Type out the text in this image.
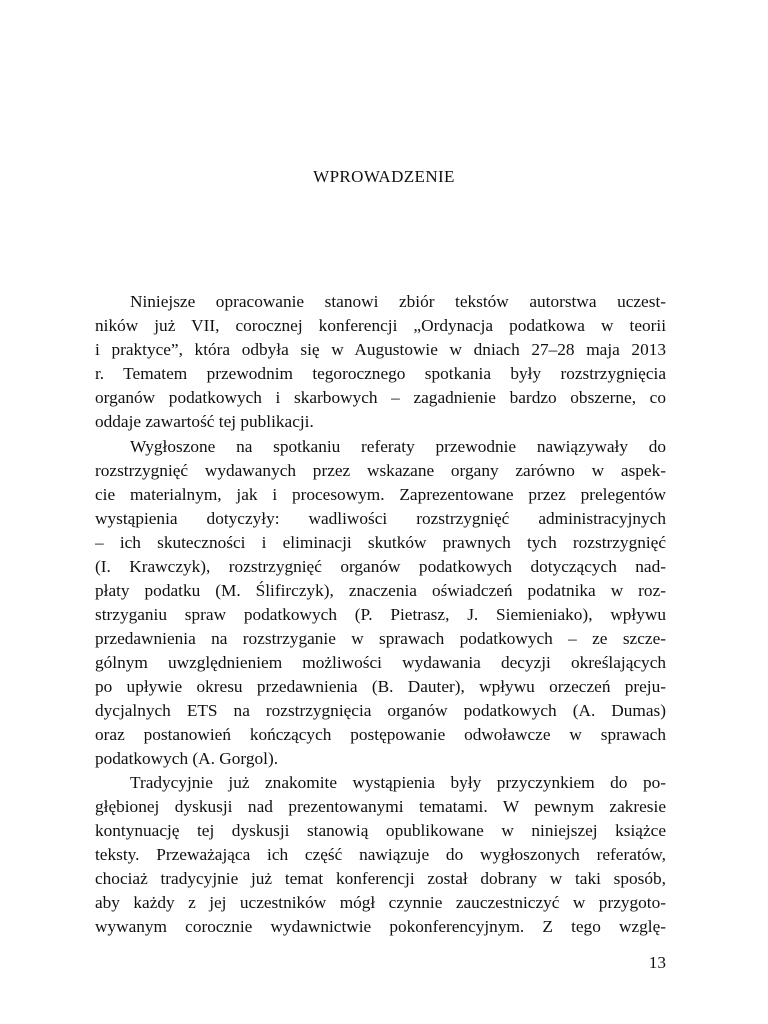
WPROWADZENIE
Niniejsze opracowanie stanowi zbiór tekstów autorstwa uczest-
ników już VII, corocznej konferencji „Ordynacja podatkowa w teorii
i praktyce”, która odbyła się w Augustowie w dniach 27–28 maja 2013
r. Tematem przewodnim tegorocznego spotkania były rozstrzygnięcia
organów podatkowych i skarbowych – zagadnienie bardzo obszerne, co
oddaje zawartość tej publikacji.
Wygłoszone na spotkaniu referaty przewodnie nawiązywały do
rozstrzygnięć wydawanych przez wskazane organy zarówno w aspek-
cie materialnym, jak i procesowym. Zaprezentowane przez prelegentów
wystąpienia dotyczyły: wadliwości rozstrzygnięć administracyjnych
– ich skuteczności i eliminacji skutków prawnych tych rozstrzygnięć
(I. Krawczyk), rozstrzygnięć organów podatkowych dotyczących nad-
płaty podatku (M. Ślifirczyk), znaczenia oświadczeń podatnika w roz-
strzyganiu spraw podatkowych (P. Pietrasz, J. Siemieniako), wpływu
przedawnienia na rozstrzyganie w sprawach podatkowych – ze szcze-
gólnym uwzględnieniem możliwości wydawania decyzji określających
po upływie okresu przedawnienia (B. Dauter), wpływu orzeczeń preju-
dycjalnych ETS na rozstrzygnięcia organów podatkowych (A. Dumas)
oraz postanowień kończących postępowanie odwoławcze w sprawach
podatkowych (A. Gorgol).
Tradycyjnie już znakomite wystąpienia były przyczynkiem do po-
głębionej dyskusji nad prezentowanymi tematami. W pewnym zakresie
kontynuację tej dyskusji stanowią opublikowane w niniejszej książce
teksty. Przeważająca ich część nawiązuje do wygłoszonych referatów,
chociaż tradycyjnie już temat konferencji został dobrany w taki sposób,
aby każdy z jej uczestników mógł czynnie zauczestniczyć w przygoto-
wywanym corocznie wydawnictwie pokonferencyjnym. Z tego wzglę-
13
